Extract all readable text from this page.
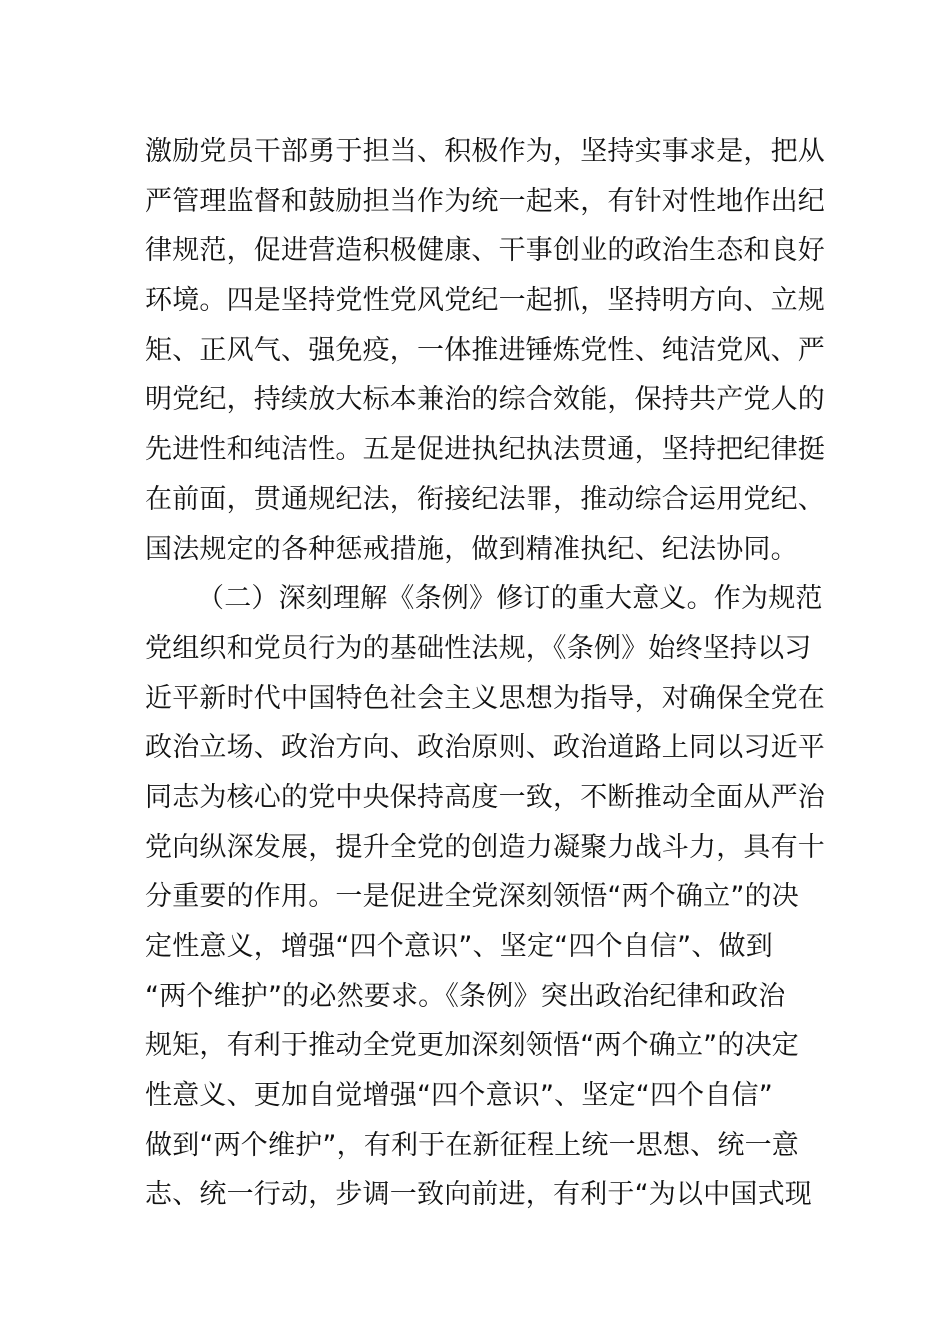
激励党员干部勇于担当、积极作为，坚持实事求是，把从
严管理监督和鼓励担当作为统一起来，有针对性地作出纪
律规范，促进营造积极健康、干事创业的政治生态和良好
环境。四是坚持党性党风党纪一起抓，坚持明方向、立规
矩、正风气、强免疫，一体推进锤炼党性、纯洁党风、严
明党纪，持续放大标本兼治的综合效能，保持共产党人的
先进性和纯洁性。五是促进执纪执法贯通，坚持把纪律挺
在前面，贯通规纪法，衔接纪法罪，推动综合运用党纪、
国法规定的各种惩戒措施，做到精准执纪、纪法协同。
（二）深刻理解《条例》修订的重大意义。作为规范
党组织和党员行为的基础性法规，《条例》始终坚持以习
近平新时代中国特色社会主义思想为指导，对确保全党在
政治立场、政治方向、政治原则、政治道路上同以习近平
同志为核心的党中央保持高度一致，不断推动全面从严治
党向纵深发展，提升全党的创造力凝聚力战斗力，具有十
分重要的作用。一是促进全党深刻领悟“两个确立”的决
定性意义，增强“四个意识”、坚定“四个自信”、做到
“两个维护”的必然要求。《条例》突出政治纪律和政治
规矩，有利于推动全党更加深刻领悟“两个确立”的决定
性意义、更加自觉增强“四个意识”、坚定“四个自信”
做到“两个维护”，有利于在新征程上统一思想、统一意
志、统一行动，步调一致向前进，有利于“为以中国式现
